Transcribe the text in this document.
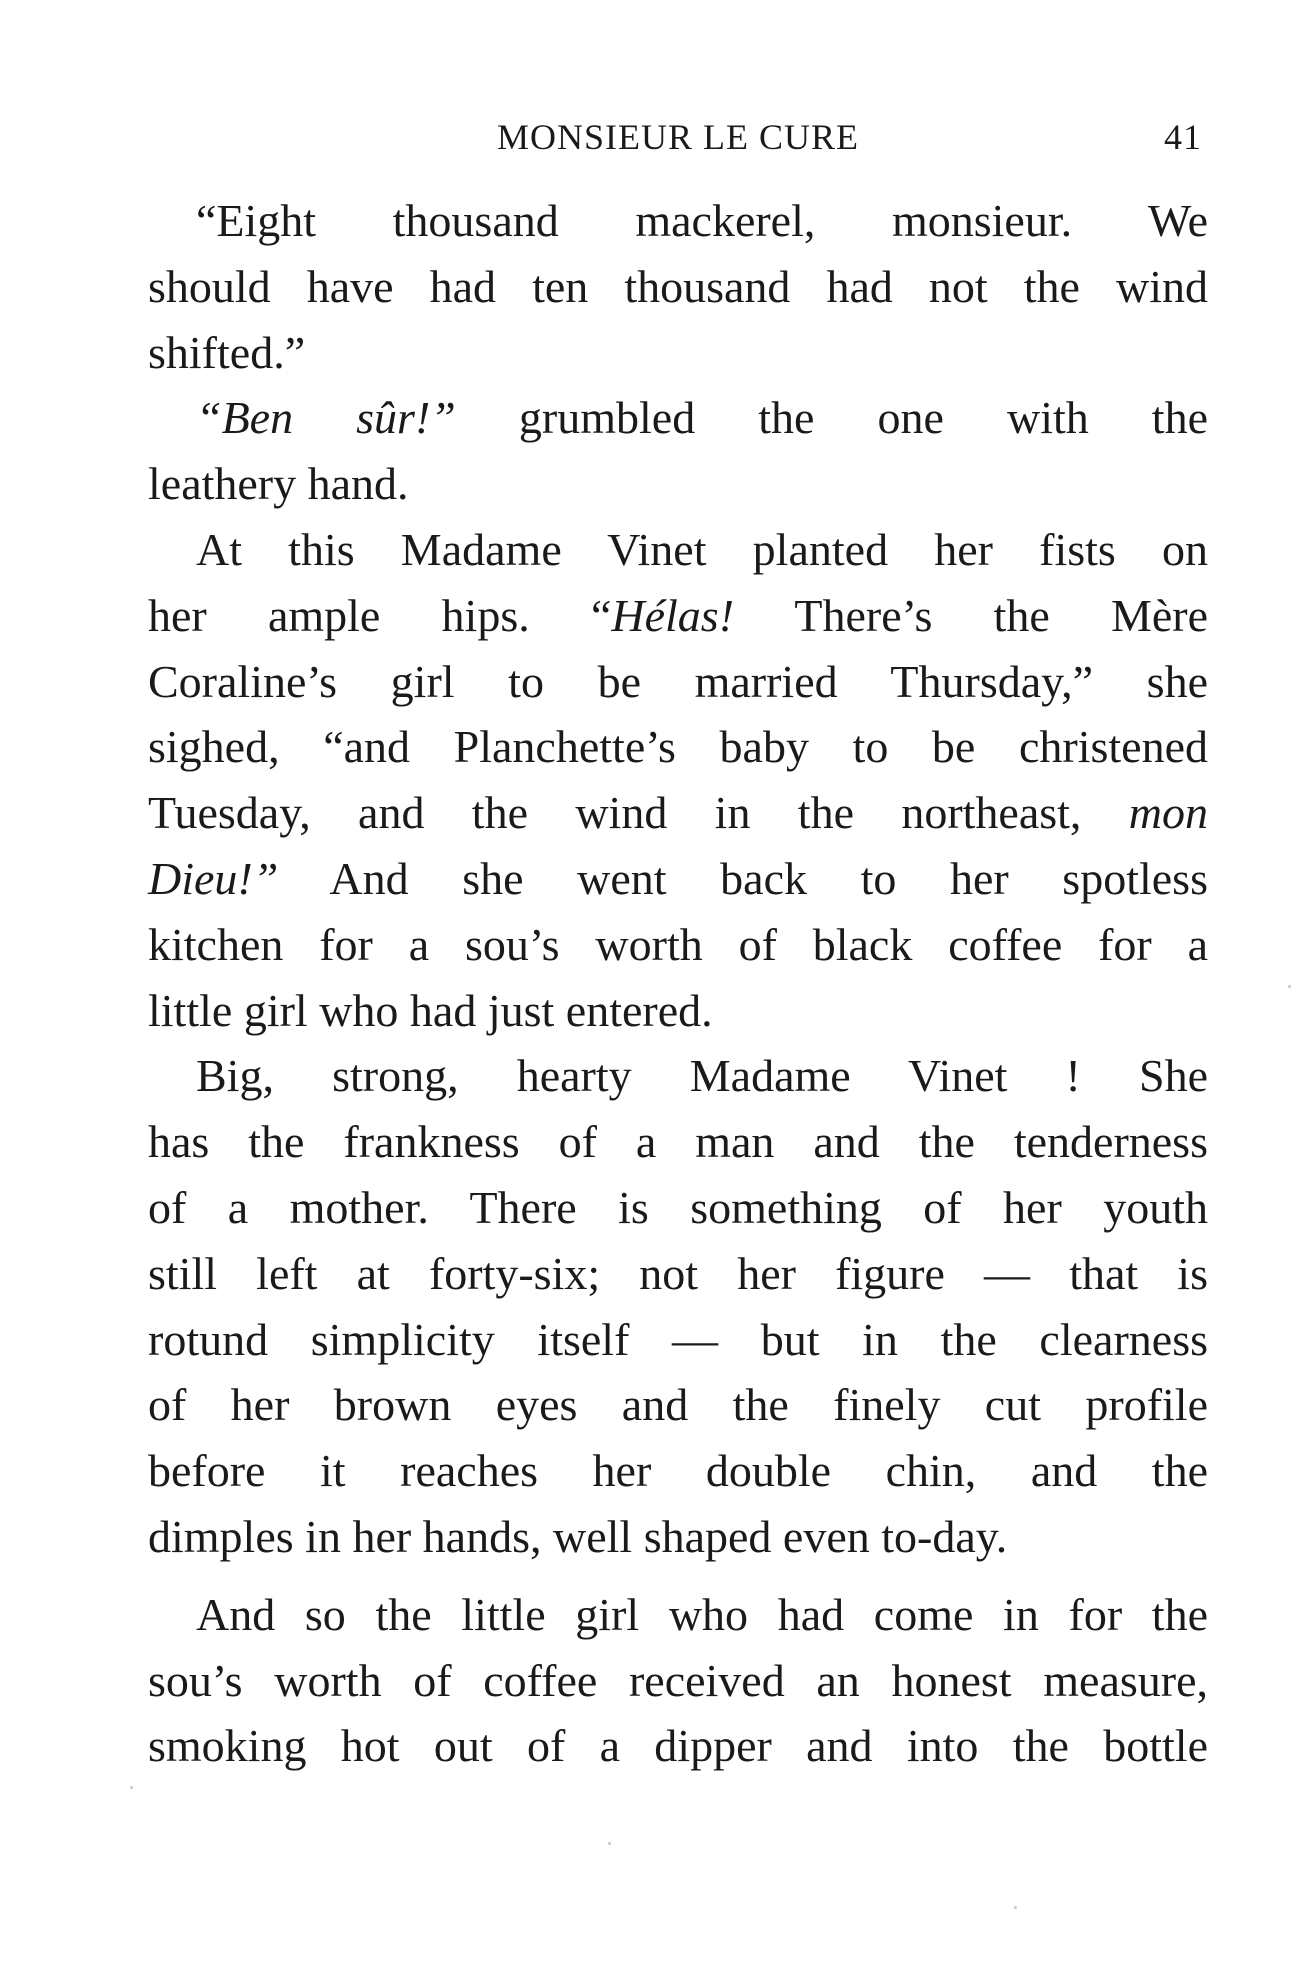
MONSIEUR LE CURE	41
“Eight thousand mackerel, monsieur. We
should have had ten thousand had not the wind
shifted.”
“Ben sûr!” grumbled the one with the
leathery hand.
At this Madame Vinet planted her fists on
her ample hips. “Hélas! There’s the Mère
Coraline’s girl to be married Thursday,” she
sighed, “and Planchette’s baby to be christened
Tuesday, and the wind in the northeast, mon
Dieu!” And she went back to her spotless
kitchen for a sou’s worth of black coffee for a
little girl who had just entered.
Big, strong, hearty Madame Vinet ! She
has the frankness of a man and the tenderness
of a mother. There is something of her youth
still left at forty-six; not her figure — that is
rotund simplicity itself — but in the clearness
of her brown eyes and the finely cut profile
before it reaches her double chin, and the
dimples in her hands, well shaped even to-day.
And so the little girl who had come in for the
sou’s worth of coffee received an honest measure,
smoking hot out of a dipper and into the bottle
